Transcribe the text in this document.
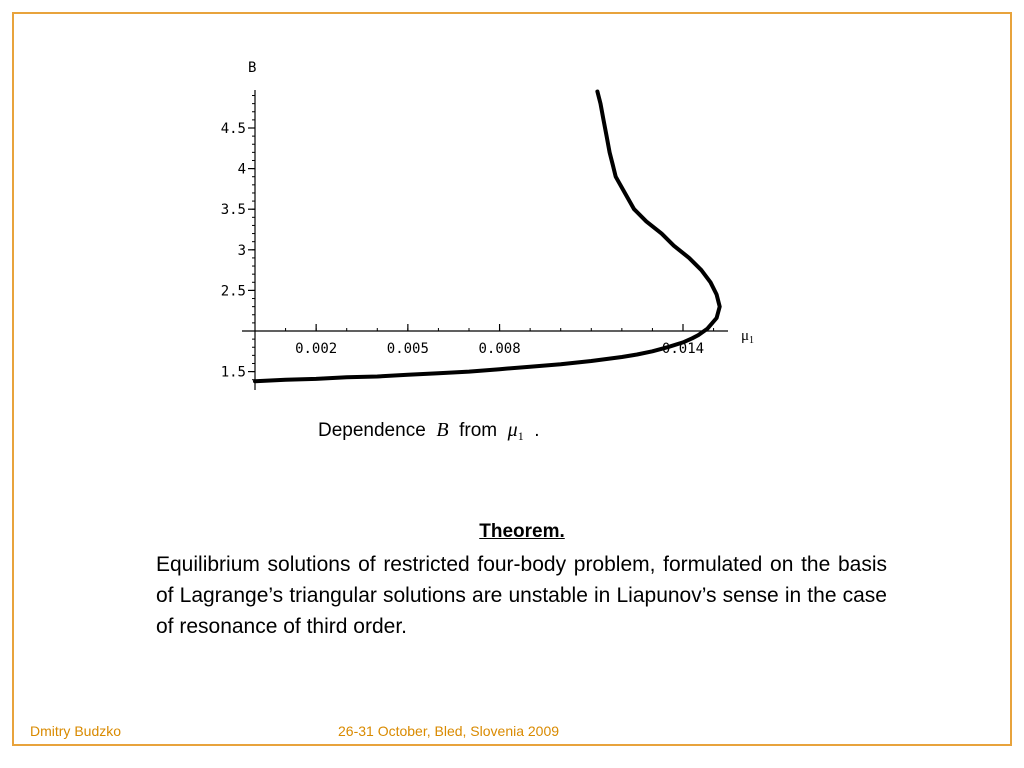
B
1.5
2.5
3
3.5
4
4.5
0.002	0.005	0.008	0.014
$\mu_1$
Dependence B from $\mu_1$ .
Theorem.
Equilibrium solutions of restricted four-body problem, formulated on the basis of Lagrange’s triangular solutions are unstable in Liapunov’s sense in the case of resonance of third order.
Dmitry Budzko	26-31 October, Bled, Slovenia 2009
